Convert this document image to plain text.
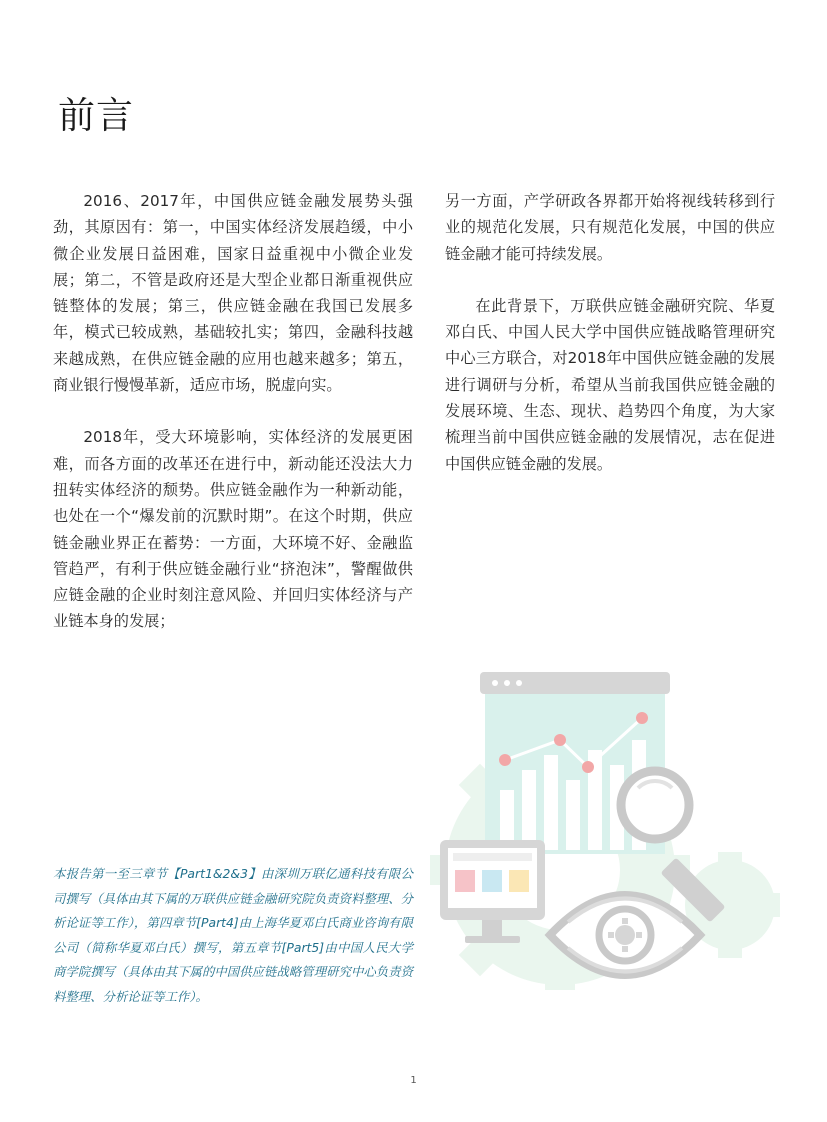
前言

2016、2017年，中国供应链金融发展势头强劲，其原因有：第一，中国实体经济发展趋缓，中小微企业发展日益困难，国家日益重视中小微企业发展；第二，不管是政府还是大型企业都日渐重视供应链整体的发展；第三，供应链金融在我国已发展多年，模式已较成熟，基础较扎实；第四，金融科技越来越成熟，在供应链金融的应用也越来越多；第五，商业银行慢慢革新，适应市场，脱虚向实。

2018年，受大环境影响，实体经济的发展更困难，而各方面的改革还在进行中，新动能还没法大力扭转实体经济的颓势。供应链金融作为一种新动能，也处在一个“爆发前的沉默时期”。在这个时期，供应链金融业界正在蓄势：一方面，大环境不好、金融监管趋严，有利于供应链金融行业“挤泡沫”，警醒做供应链金融的企业时刻注意风险、并回归实体经济与产业链本身的发展；

另一方面，产学研政各界都开始将视线转移到行业的规范化发展，只有规范化发展，中国的供应链金融才能可持续发展。

在此背景下，万联供应链金融研究院、华夏邓白氏、中国人民大学中国供应链战略管理研究中心三方联合，对2018年中国供应链金融的发展进行调研与分析，希望从当前我国供应链金融的发展环境、生态、现状、趋势四个角度，为大家梳理当前中国供应链金融的发展情况，志在促进中国供应链金融的发展。

本报告第一至三章节【Part1&2&3】由深圳万联亿通科技有限公司撰写（具体由其下属的万联供应链金融研究院负责资料整理、分析论证等工作），第四章节[Part4]由上海华夏邓白氏商业咨询有限公司（简称华夏邓白氏）撰写，第五章节[Part5]由中国人民大学商学院撰写（具体由其下属的中国供应链战略管理研究中心负责资料整理、分析论证等工作）。
1
